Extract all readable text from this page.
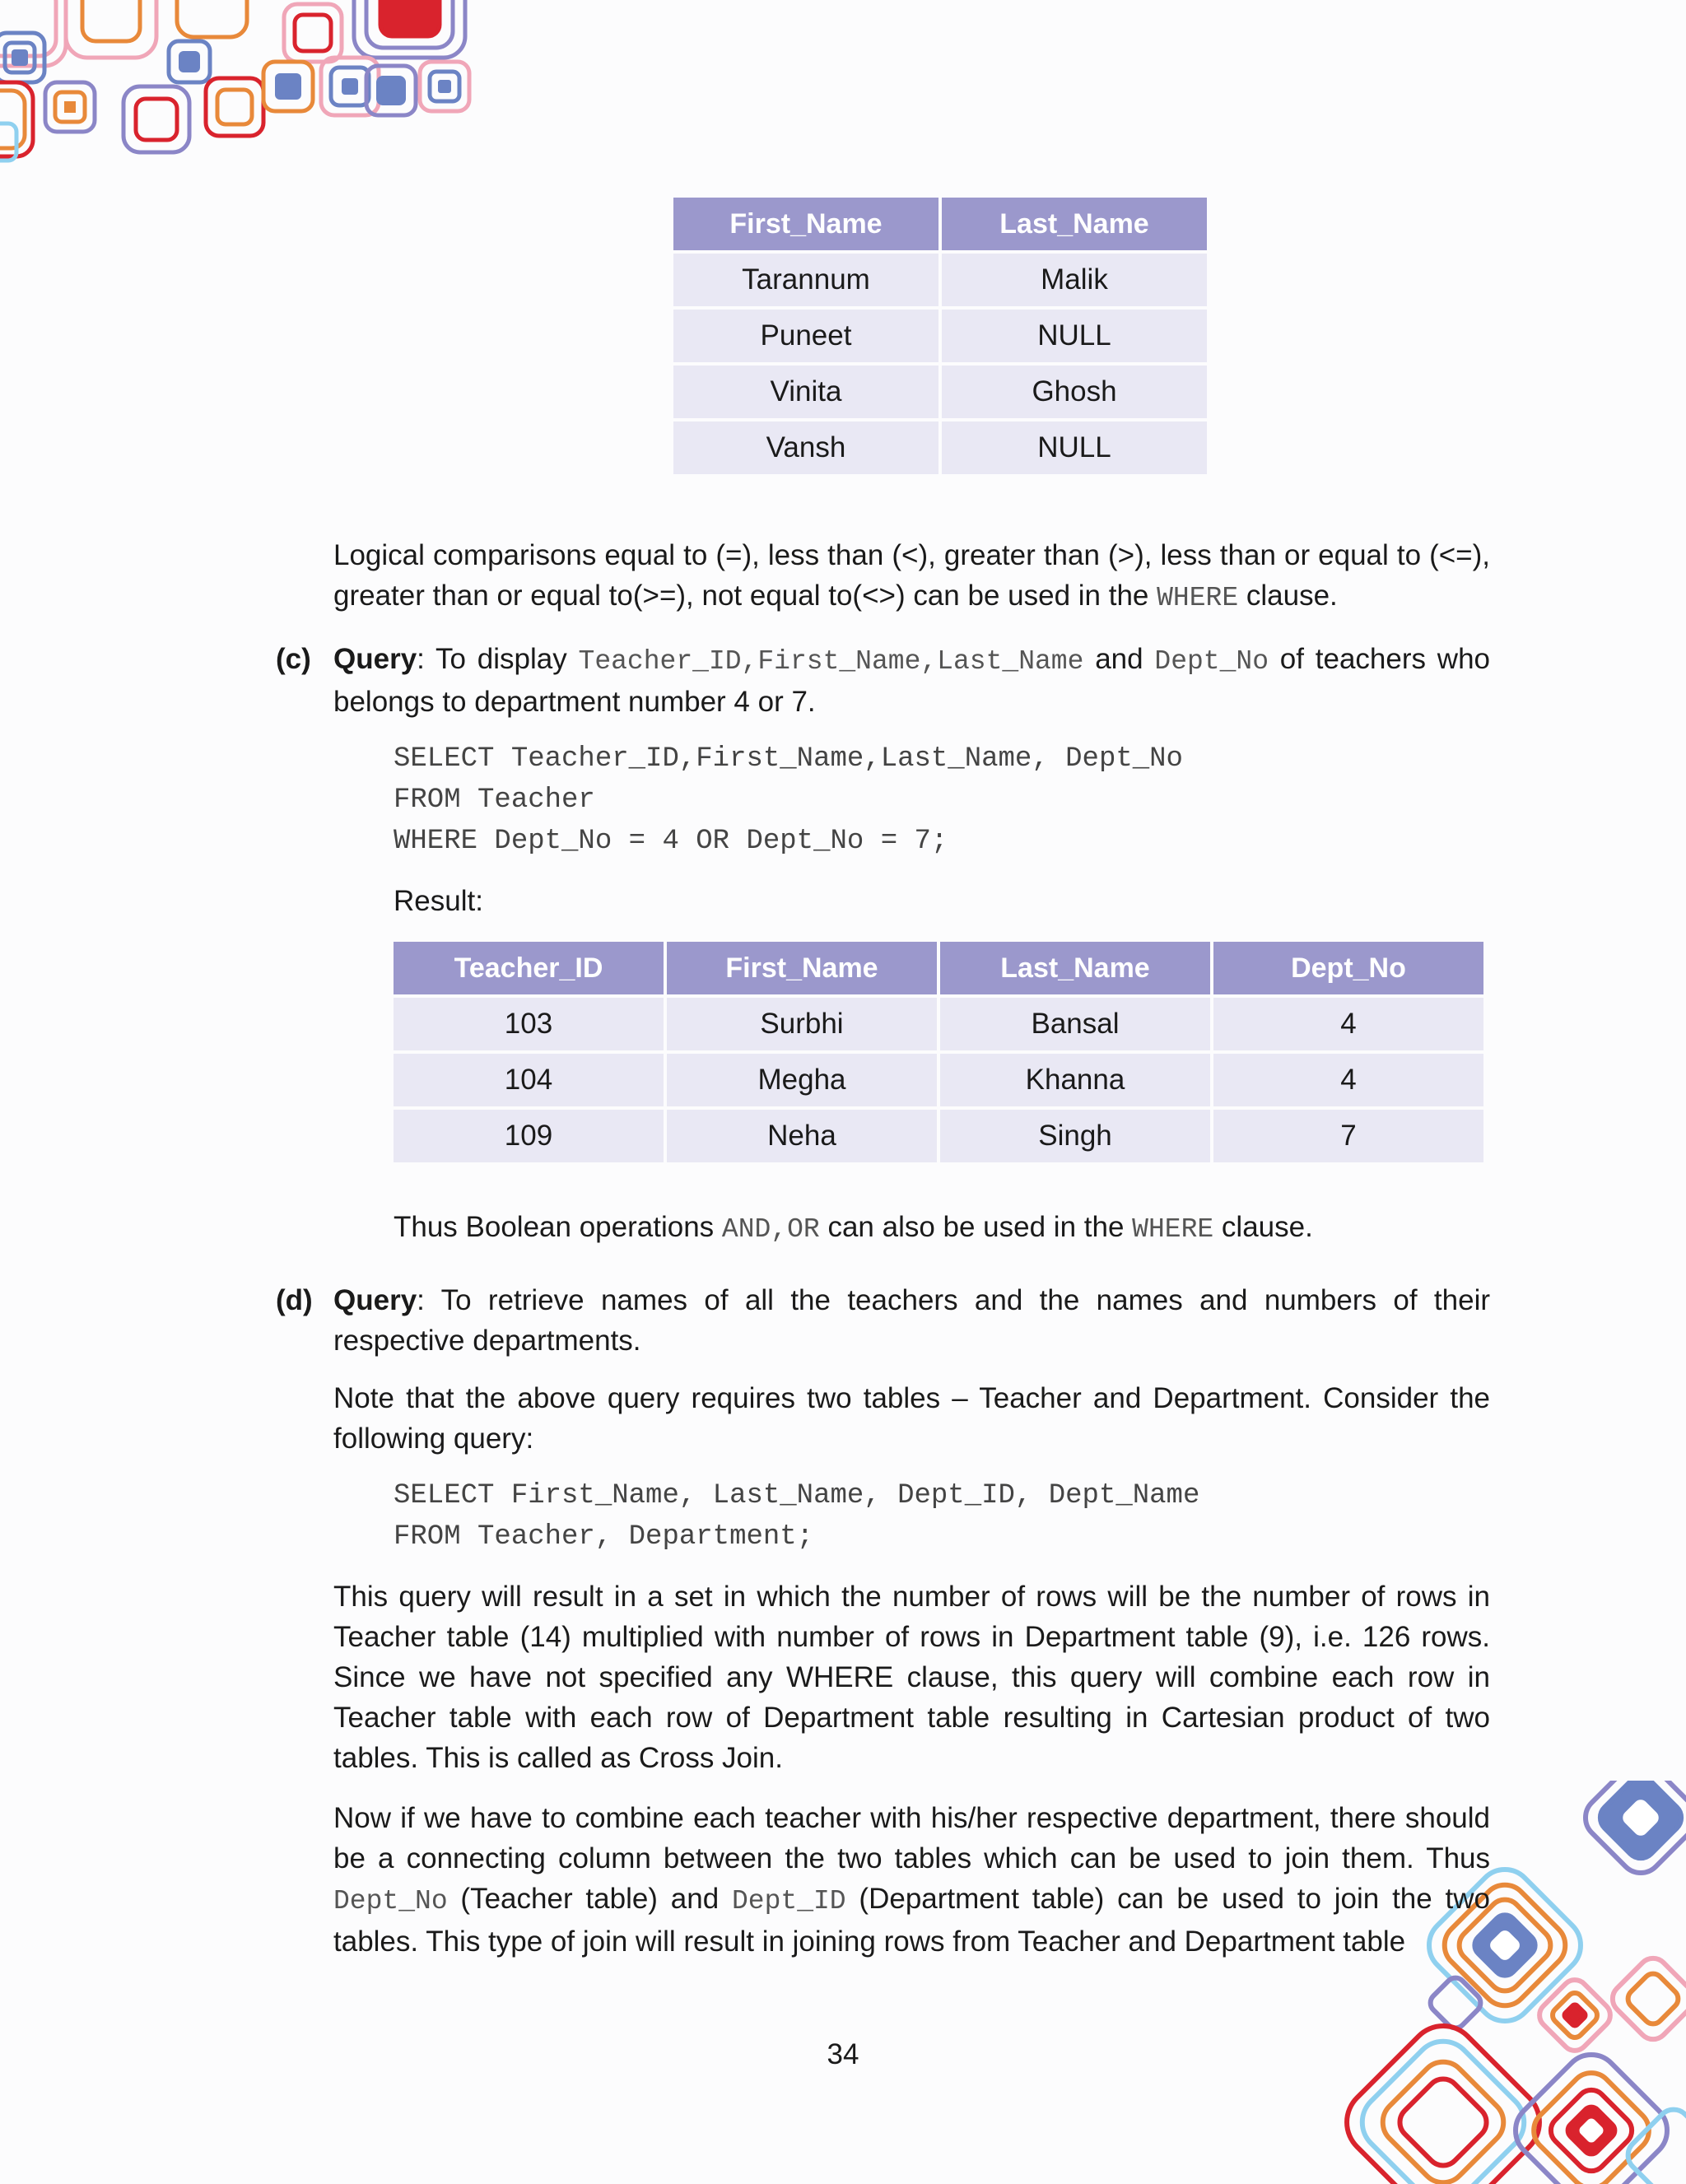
First_Name	Last_Name
Tarannum	Malik
Puneet	NULL
Vinita	Ghosh
Vansh	NULL
Logical comparisons equal to (=), less than (<), greater than (>), less than or equal to (<=), greater than or equal to(>=), not equal to(<>) can be used in the WHERE clause.
(c) Query: To display Teacher_ID,First_Name,Last_Name and Dept_No of teachers who belongs to department number 4 or 7.
SELECT Teacher_ID,First_Name,Last_Name, Dept_No
FROM Teacher
WHERE Dept_No = 4 OR Dept_No = 7;
Result:
Teacher_ID	First_Name	Last_Name	Dept_No
103	Surbhi	Bansal	4
104	Megha	Khanna	4
109	Neha	Singh	7
Thus Boolean operations AND,OR can also be used in the WHERE clause.
(d) Query: To retrieve names of all the teachers and the names and numbers of their respective departments.
Note that the above query requires two tables – Teacher and Department. Consider the following query:
SELECT First_Name, Last_Name, Dept_ID, Dept_Name
FROM Teacher, Department;
This query will result in a set in which the number of rows will be the number of rows in Teacher table (14) multiplied with number of rows in Department table (9), i.e. 126 rows. Since we have not specified any WHERE clause, this query will combine each row in Teacher table with each row of Department table resulting in Cartesian product of two tables. This is called as Cross Join.
Now if we have to combine each teacher with his/her respective department, there should be a connecting column between the two tables which can be used to join them. Thus Dept_No (Teacher table) and Dept_ID (Department table) can be used to join the two tables. This type of join will result in joining rows from Teacher and Department table
34
